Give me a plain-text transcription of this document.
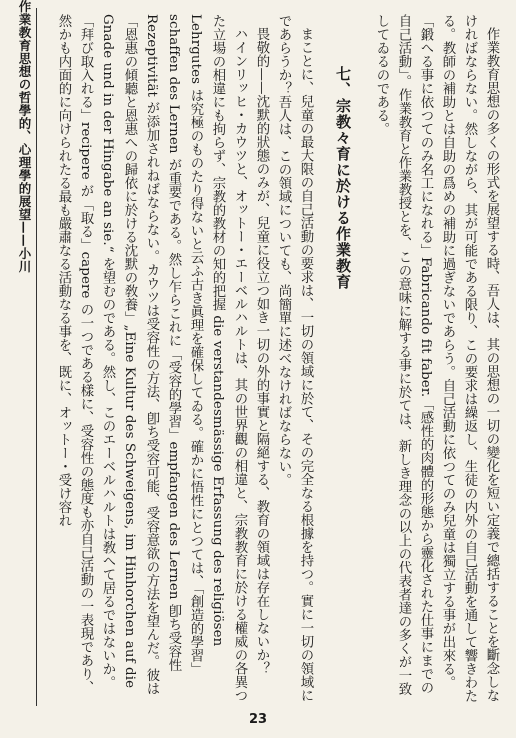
作業教育思想の哲學的、心理學的展望——小川	作業教育思想の多くの形式を展望する時、吾人は、其の思想の一切の變化を短い定義で總括することを斷念しなければならない。然しながら、其が可能である限り、この要求は繰返し、生徒の内外の自己活動を通して響きわたる。教師の補助とは自助の爲めの補助に過ぎないであらう。自己活動に依つてのみ兒童は獨立する事が出來る。「鍛へる事に依つてのみ名工になれる」Fabricando fit faber.「感性的肉體的形態から靈化された仕事にまでの自己活動」。作業教育と作業教授とを、この意味に解する事に於ては、新しき理念の以上の代表者達の多くが一致してゐるのである。

七、宗教々育に於ける作業教育

まことに、兒童の最大限の自己活動の要求は、一切の領域に於て、その完全なる根據を持つ。實に一切の領域にであらうか？吾人は、この領域についても、尚簡單に述べなければならない。

畏敬的——沈默的狀態のみが、兒童に役立つ如き一切の外的事實と隔絕する、教育の領域は存在しないか？

ハインリッヒ・カウツと、オットー・エーベルハルトは、其の世界觀の相違と、宗教教育に於ける權威の各異つた立場の相違にも拘らず、宗教的教材の知的把握 die verstandesmässige Erfassung des religiösen Lehrgutes は究極のものたり得ないと云ふ古き眞理を確保してゐる。確かに悟性にとつては、「創造的學習」schaffen des Lernen が重要である。然し乍らこれに「受容的學習」empfangen des Lernen 卽ち受容性 Rezeptivität が添加されねばならない。カウツは受容性の方法、卽ち受容可能、受容意欲の方法を望んだ。彼は「恩惠の傾聽と恩惠への歸依に於ける沈默の敎養」„Eine Kultur des Schweigens, im Hinhorchen auf die Gnade und in der Hingabe an sie.“ を望むのである。然し、このエーベルハルトは敎へて居るではないか。「拜び取入れる」recipere が「取る」capere の一つである樣に、受容性の態度も亦自己活動の一表現であり、然かも内面的に向けられたる最も嚴肅なる活動なる事を、既に、オットー・受け容れ

23
